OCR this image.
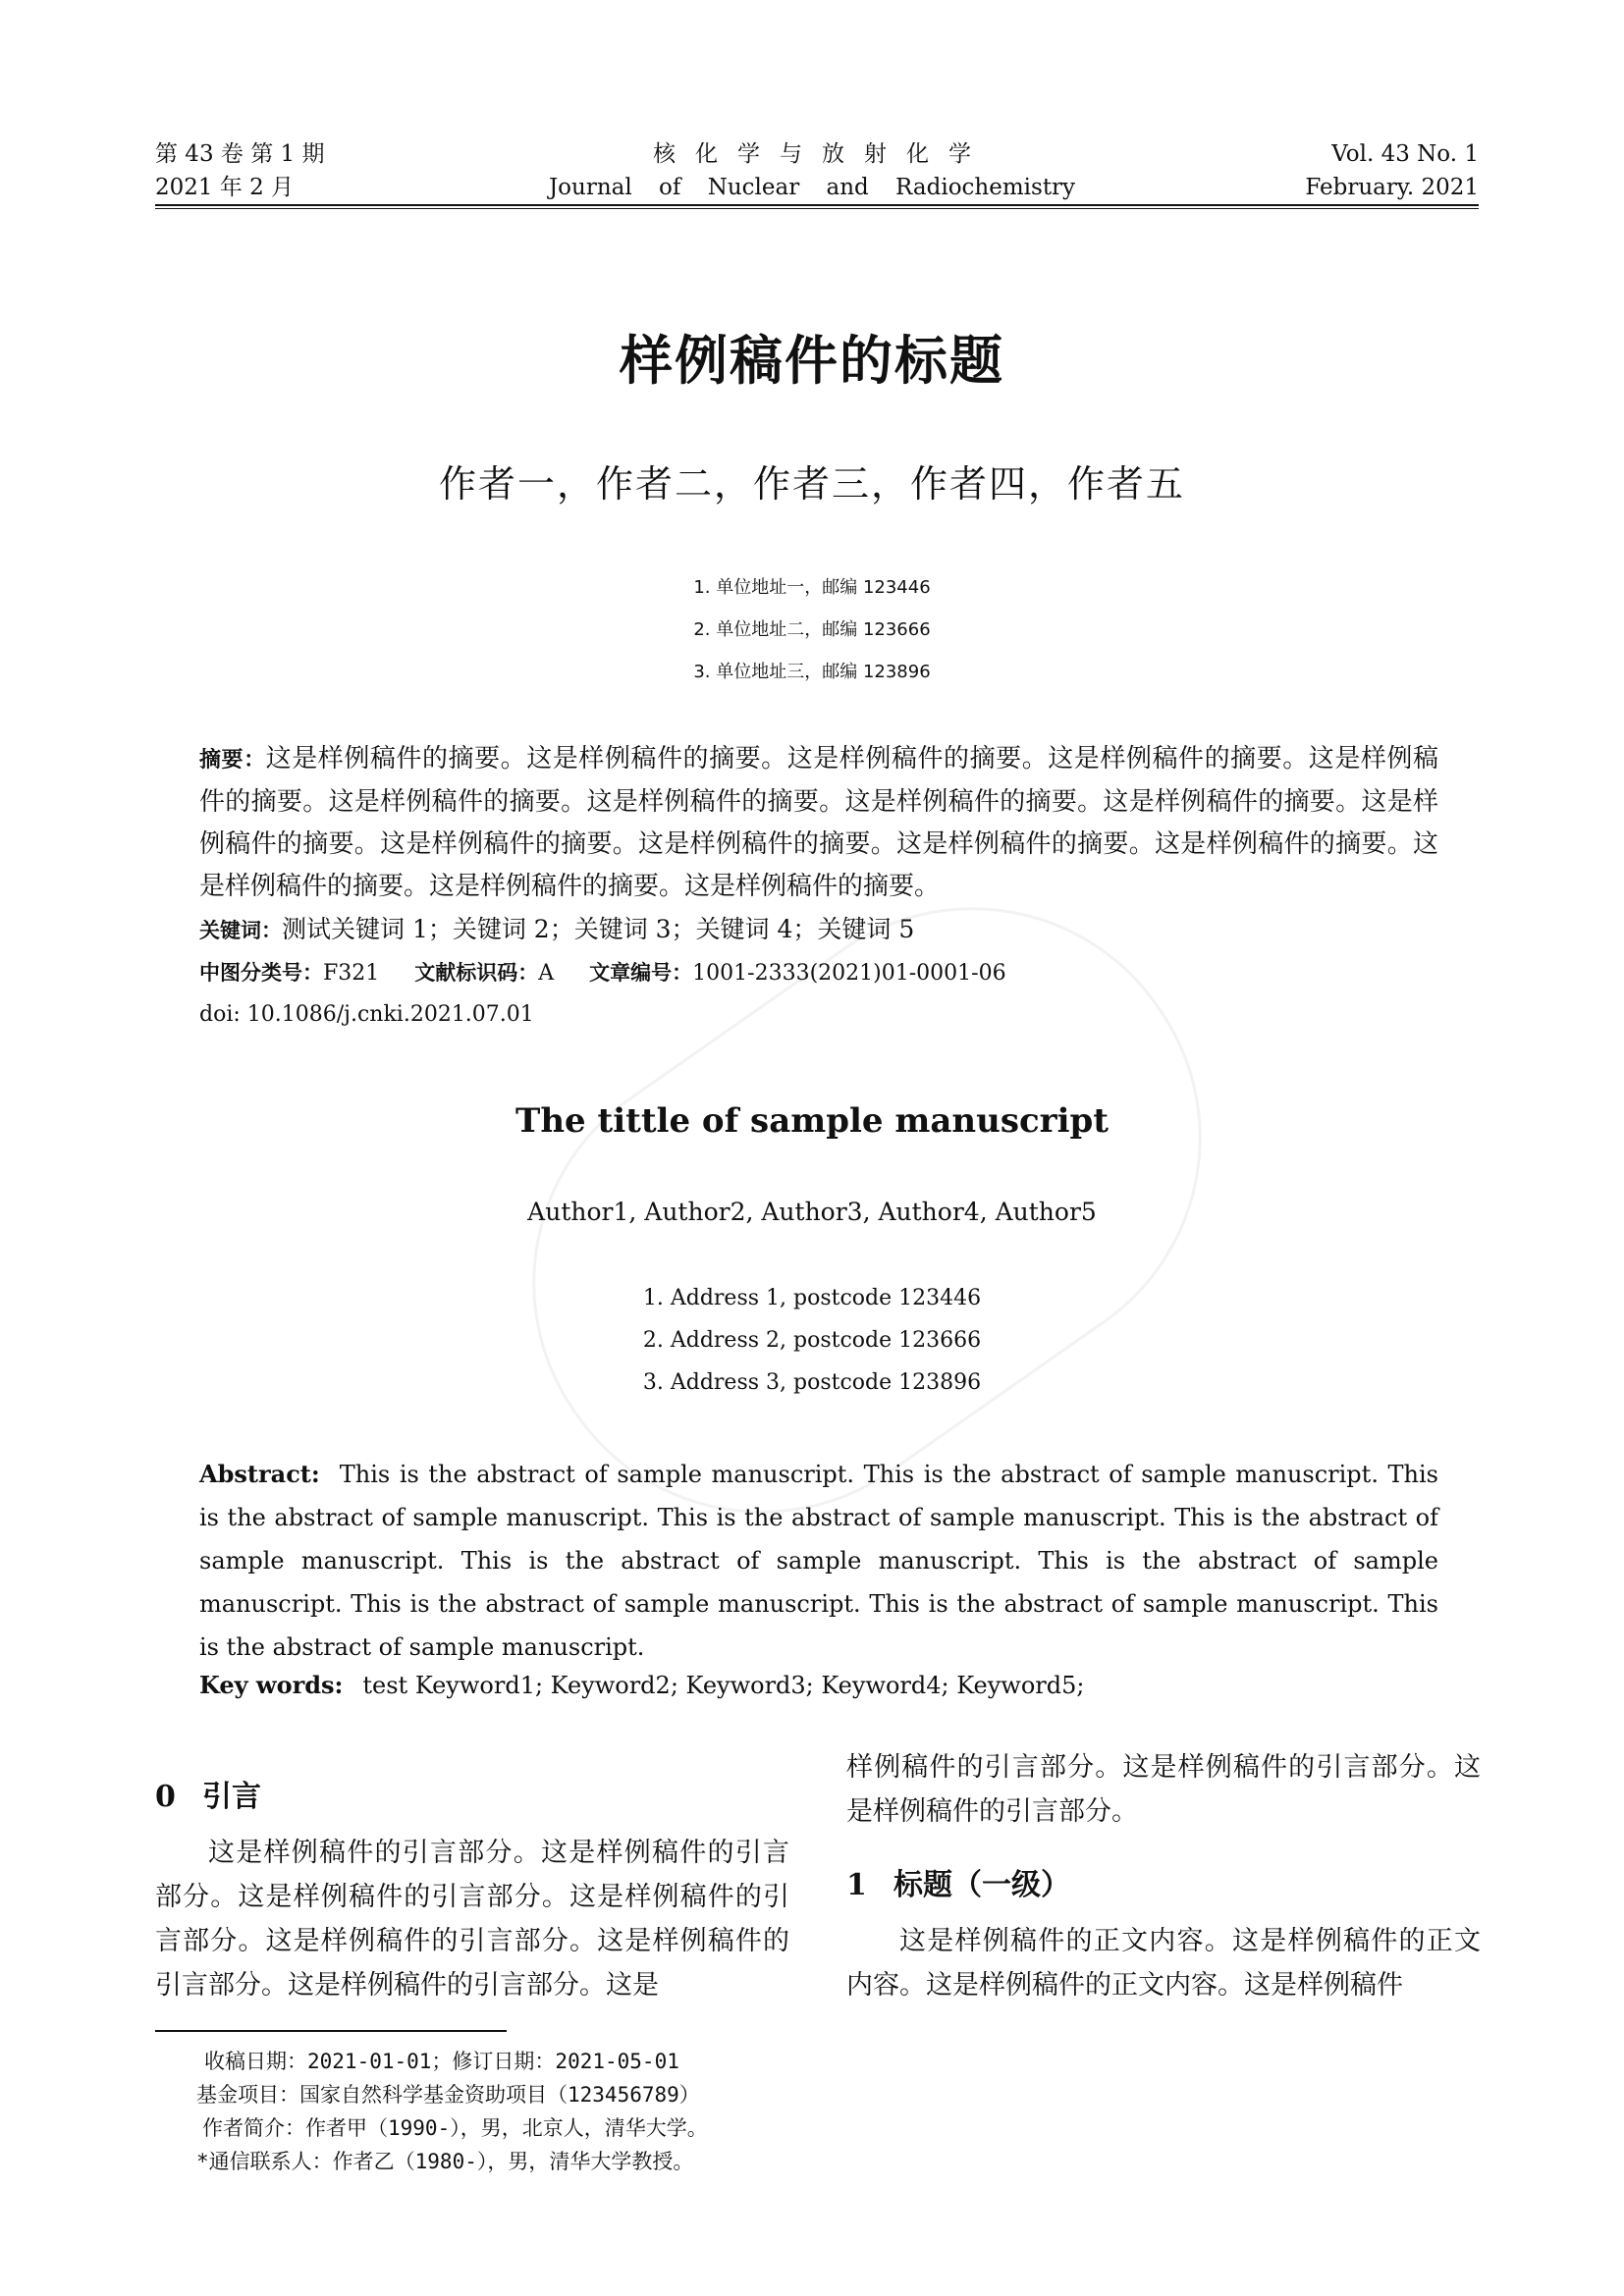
第 43 卷 第 1 期
2021 年 2 月
核化学与放射化学
Journal of Nuclear and Radiochemistry
Vol. 43 No. 1
February. 2021
样例稿件的标题
作者一，作者二，作者三，作者四，作者五
1. 单位地址一，邮编 123446
2. 单位地址二，邮编 123666
3. 单位地址三，邮编 123896
摘要：这是样例稿件的摘要。这是样例稿件的摘要。这是样例稿件的摘要。这是样例稿件的摘要。这是样例稿件的摘要。这是样例稿件的摘要。这是样例稿件的摘要。这是样例稿件的摘要。这是样例稿件的摘要。这是样例稿件的摘要。这是样例稿件的摘要。这是样例稿件的摘要。这是样例稿件的摘要。这是样例稿件的摘要。这是样例稿件的摘要。这是样例稿件的摘要。这是样例稿件的摘要。
关键词：测试关键词 1；关键词 2；关键词 3；关键词 4；关键词 5
中图分类号：F321 文献标识码：A 文章编号：1001-2333(2021)01-0001-06
doi: 10.1086/j.cnki.2021.07.01
The tittle of sample manuscript
Author1, Author2, Author3, Author4, Author5
1. Address 1, postcode 123446
2. Address 2, postcode 123666
3. Address 3, postcode 123896
Abstract: This is the abstract of sample manuscript. This is the abstract of sample manuscript. This is the abstract of sample manuscript. This is the abstract of sample manuscript. This is the abstract of sample manuscript. This is the abstract of sample manuscript. This is the abstract of sample manuscript. This is the abstract of sample manuscript. This is the abstract of sample manuscript. This is the abstract of sample manuscript.
Key words: test Keyword1; Keyword2; Keyword3; Keyword4; Keyword5;
0 引言
这是样例稿件的引言部分。这是样例稿件的引言部分。这是样例稿件的引言部分。这是样例稿件的引言部分。这是样例稿件的引言部分。这是样例稿件的引言部分。这是样例稿件的引言部分。这是
样例稿件的引言部分。这是样例稿件的引言部分。这是样例稿件的引言部分。
1 标题（一级）
这是样例稿件的正文内容。这是样例稿件的正文内容。这是样例稿件的正文内容。这是样例稿件
收稿日期：2021-01-01；修订日期：2021-05-01
基金项目：国家自然科学基金资助项目（123456789）
作者简介：作者甲（1990-），男，北京人，清华大学。
*通信联系人：作者乙（1980-），男，清华大学教授。
